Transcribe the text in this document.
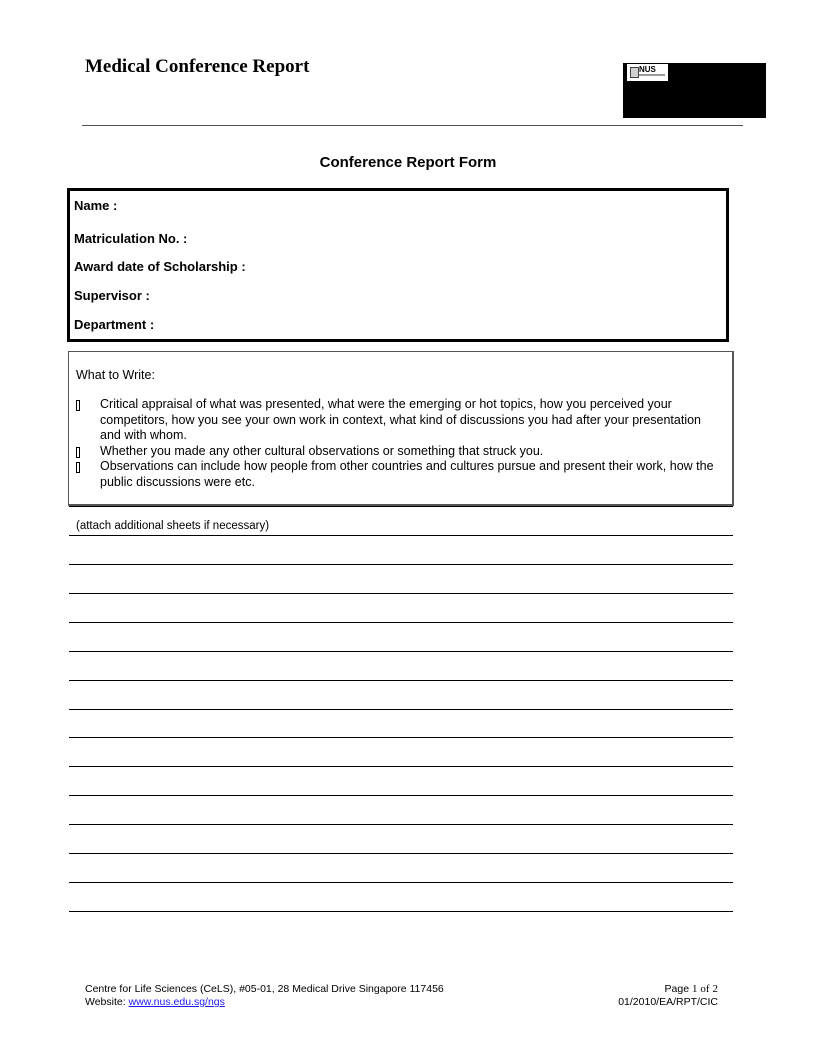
Medical Conference Report	NUS
Conference Report Form
Name :
Matriculation No. :
Award date of Scholarship :
Supervisor :
Department :
What to Write:
Critical appraisal of what was presented, what were the emerging or hot topics, how you perceived your competitors, how you see your own work in context, what kind of discussions you had after your presentation and with whom.
Whether you made any other cultural observations or something that struck you.
Observations can include how people from other countries and cultures pursue and present their work, how the public discussions were etc.
(attach additional sheets if necessary)
Centre for Life Sciences (CeLS), #05-01, 28 Medical Drive Singapore 117456
Website: www.nus.edu.sg/ngs
Page 1 of 2
01/2010/EA/RPT/CIC
